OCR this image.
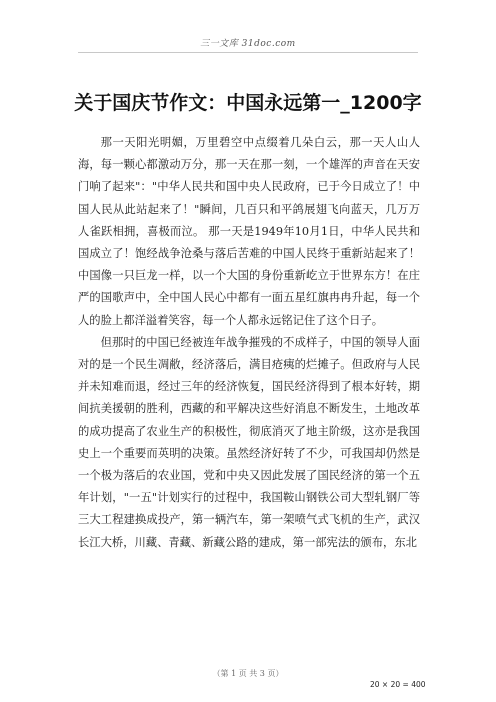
三一文库 31doc.com
关于国庆节作文：中国永远第一_1200字

那一天阳光明媚，万里碧空中点缀着几朵白云，那一天人山人海，每一颗心都激动万分，那一天在那一刻，一个雄浑的声音在天安门响了起来"："中华人民共和国中央人民政府，已于今日成立了！中国人民从此站起来了！"瞬间，几百只和平鸽展翅飞向蓝天，几万万人雀跃相拥，喜极而泣。 那一天是1949年10月1日，中华人民共和国成立了！饱经战争沧桑与落后苦难的中国人民终于重新站起来了！中国像一只巨龙一样，以一个大国的身份重新屹立于世界东方！在庄严的国歌声中，全中国人民心中都有一面五星红旗冉冉升起，每一个人的脸上都洋溢着笑容，每一个人都永远铭记住了这个日子。

但那时的中国已经被连年战争摧残的不成样子，中国的领导人面对的是一个民生凋敝，经济落后，满目疮痍的烂摊子。但政府与人民并未知难而退，经过三年的经济恢复，国民经济得到了根本好转，期间抗美援朝的胜利，西藏的和平解决这些好消息不断发生，土地改革的成功提高了农业生产的积极性，彻底消灭了地主阶级，这亦是我国史上一个重要而英明的决策。虽然经济好转了不少，可我国却仍然是一个极为落后的农业国，党和中央又因此发展了国民经济的第一个五年计划，"一五"计划实行的过程中，我国鞍山钢铁公司大型轧钢厂等三大工程建换成投产，第一辆汽车，第一架喷气式飞机的生产，武汉长江大桥，川藏、青藏、新藏公路的建成，第一部宪法的颁布，东北

（第 1 页 共 3 页）
20 × 20 = 400
